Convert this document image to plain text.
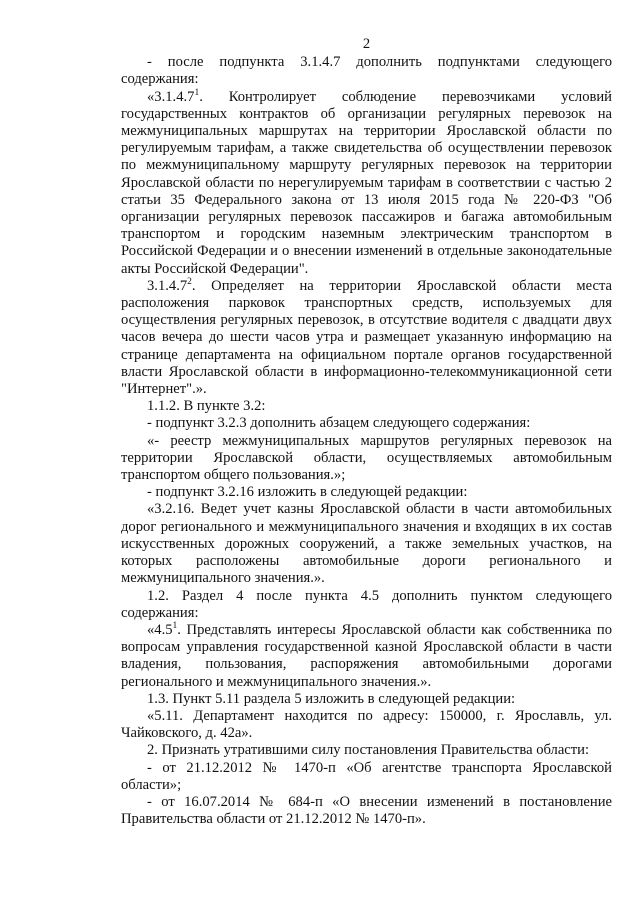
2

- после подпункта 3.1.4.7 дополнить подпунктами следующего содержания:

«3.1.4.7$^1$. Контролирует соблюдение перевозчиками условий государственных контрактов об организации регулярных перевозок на межмуниципальных маршрутах на территории Ярославской области по регулируемым тарифам, а также свидетельства об осуществлении перевозок по межмуниципальному маршруту регулярных перевозок на территории Ярославской области по нерегулируемым тарифам в соответствии с частью 2 статьи 35 Федерального закона от 13 июля 2015 года № 220-ФЗ "Об организации регулярных перевозок пассажиров и багажа автомобильным транспортом и городским наземным электрическим транспортом в Российской Федерации и о внесении изменений в отдельные законодательные акты Российской Федерации".

3.1.4.7$^2$. Определяет на территории Ярославской области места расположения парковок транспортных средств, используемых для осуществления регулярных перевозок, в отсутствие водителя с двадцати двух часов вечера до шести часов утра и размещает указанную информацию на странице департамента на официальном портале органов государственной власти Ярославской области в информационно-телекоммуникационной сети "Интернет".».

1.1.2. В пункте 3.2:

- подпункт 3.2.3 дополнить абзацем следующего содержания:

«- реестр межмуниципальных маршрутов регулярных перевозок на территории Ярославской области, осуществляемых автомобильным транспортом общего пользования.»;

- подпункт 3.2.16 изложить в следующей редакции:

«3.2.16. Ведет учет казны Ярославской области в части автомобильных дорог регионального и межмуниципального значения и входящих в их состав искусственных дорожных сооружений, а также земельных участков, на которых расположены автомобильные дороги регионального и межмуниципального значения.».

1.2. Раздел 4 после пункта 4.5 дополнить пунктом следующего содержания:

«$4.5^1$. Представлять интересы Ярославской области как собственника по вопросам управления государственной казной Ярославской области в части владения, пользования, распоряжения автомобильными дорогами регионального и межмуниципального значения.».

1.3. Пункт 5.11 раздела 5 изложить в следующей редакции:

«5.11. Департамент находится по адресу: 150000, г. Ярославль, ул. Чайковского, д. 42а».

2. Признать утратившими силу постановления Правительства области:

- от 21.12.2012 № 1470-п «Об агентстве транспорта Ярославской области»;

- от 16.07.2014 № 684-п «О внесении изменений в постановление Правительства области от 21.12.2012 № 1470-п».
